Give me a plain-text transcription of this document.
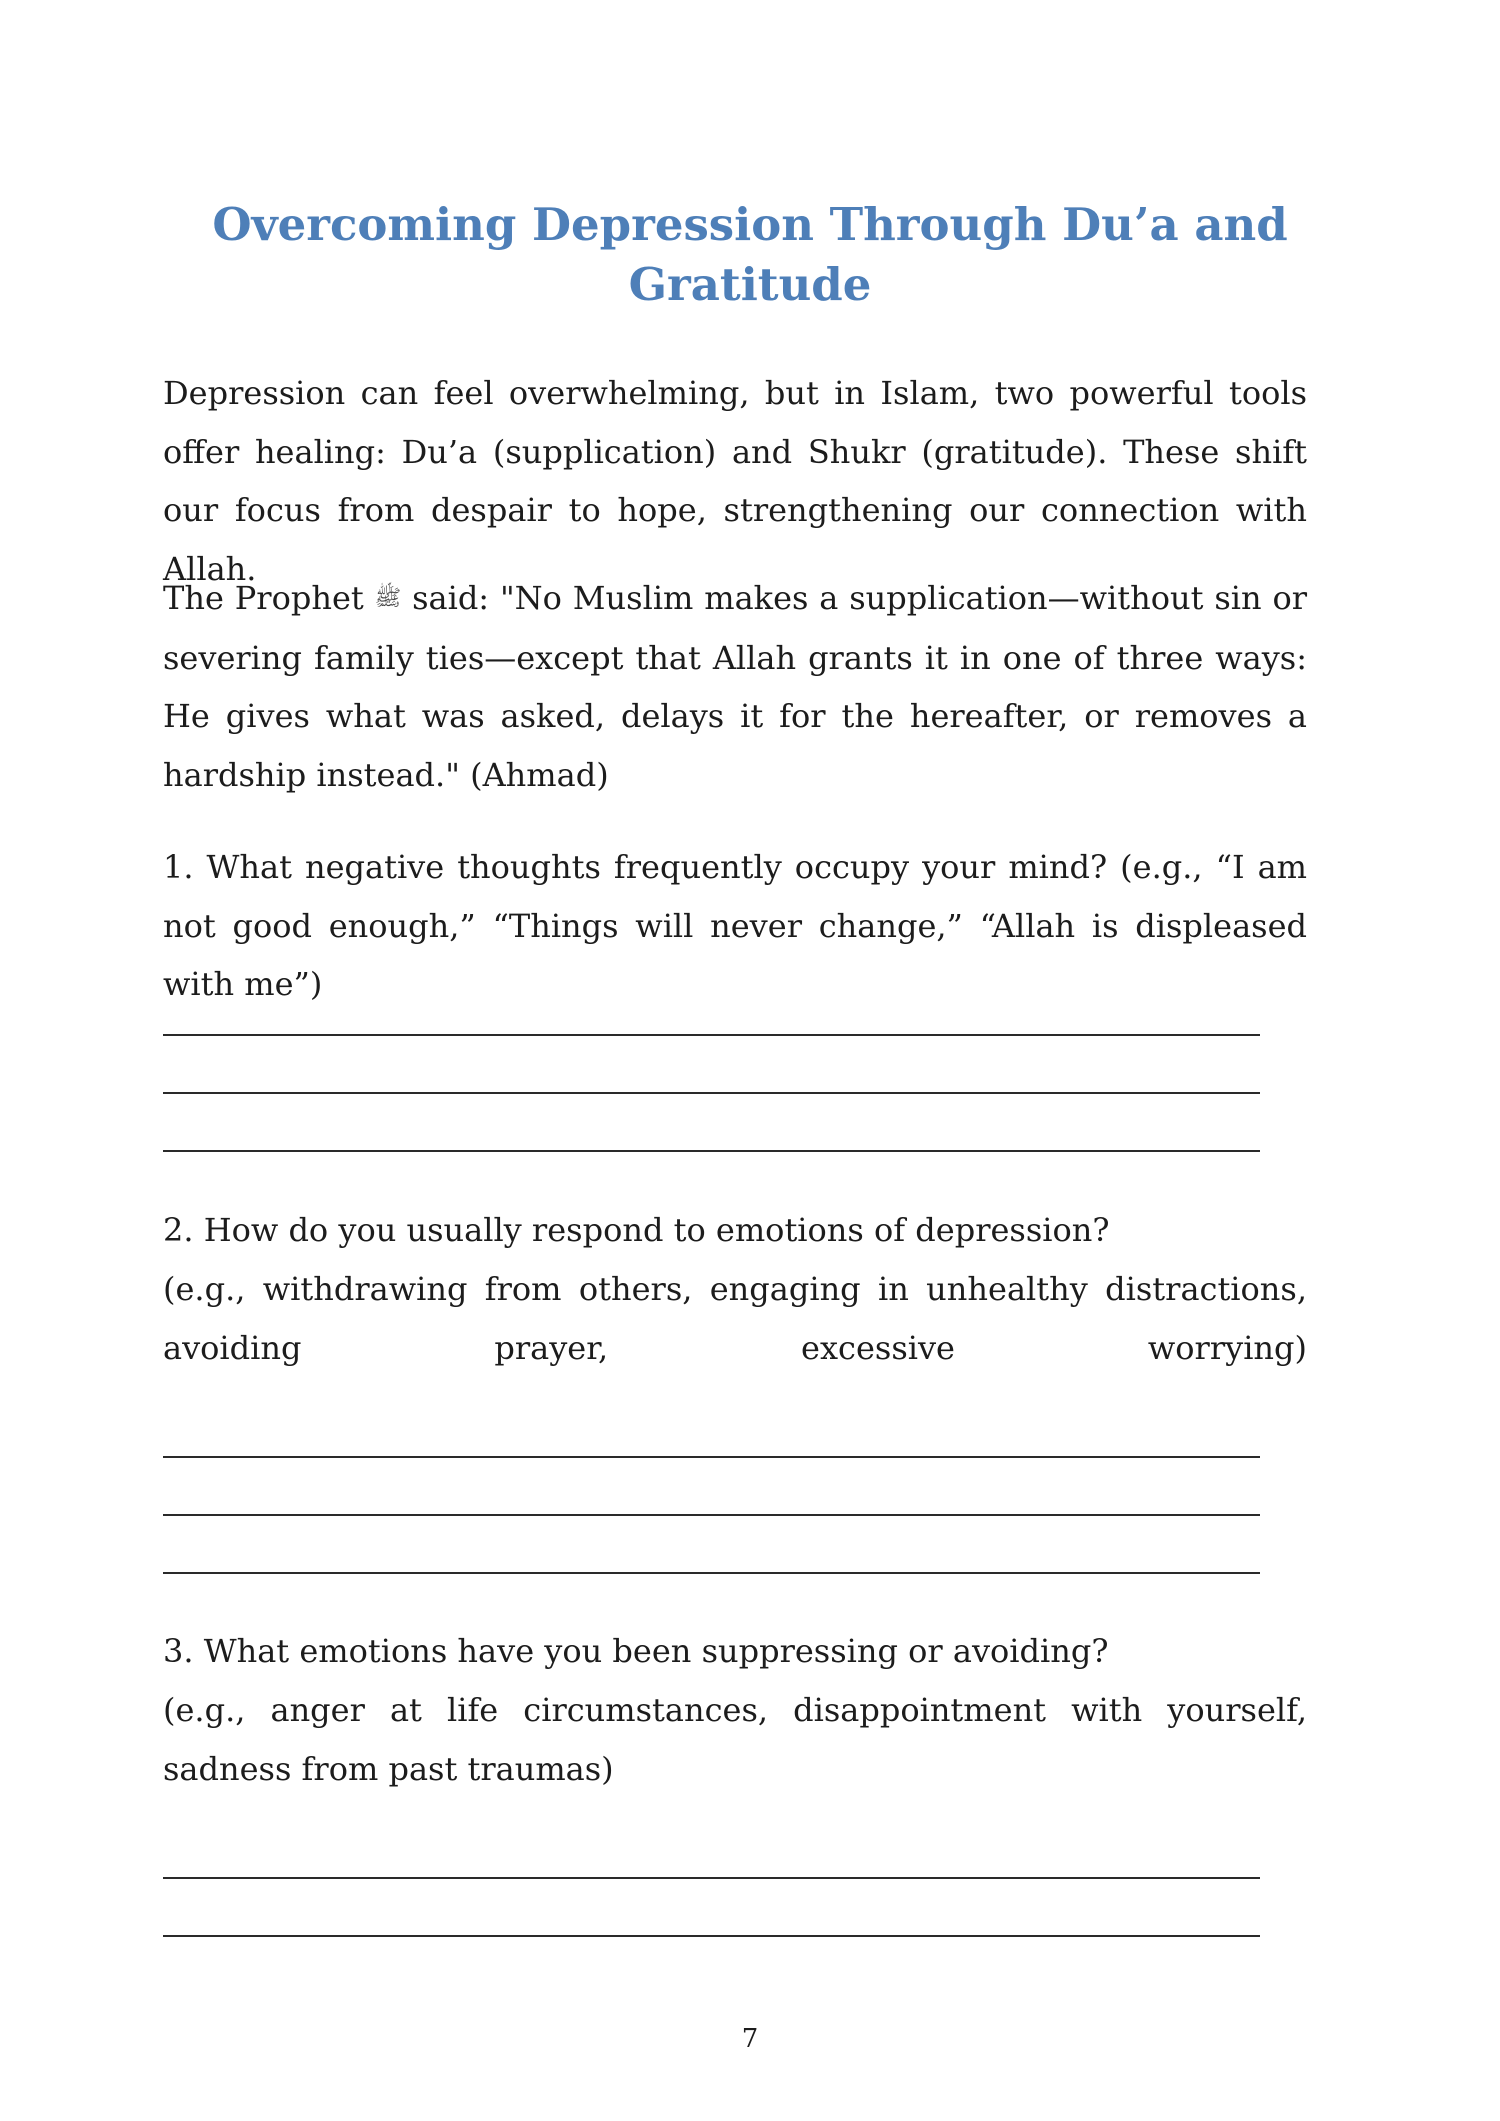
Overcoming Depression Through Du’a and Gratitude

Depression can feel overwhelming, but in Islam, two powerful tools offer healing: Du’a (supplication) and Shukr (gratitude). These shift our focus from despair to hope, strengthening our connection with Allah.

The Prophet ﷺ said: "No Muslim makes a supplication—without sin or severing family ties—except that Allah grants it in one of three ways: He gives what was asked, delays it for the hereafter, or removes a hardship instead." (Ahmad)

1. What negative thoughts frequently occupy your mind? (e.g., “I am not good enough,” “Things will never change,” “Allah is displeased with me”)

2. How do you usually respond to emotions of depression?

(e.g., withdrawing from others, engaging in unhealthy distractions, avoiding prayer, excessive worrying)

3. What emotions have you been suppressing or avoiding?

(e.g., anger at life circumstances, disappointment with yourself, sadness from past traumas)

7
